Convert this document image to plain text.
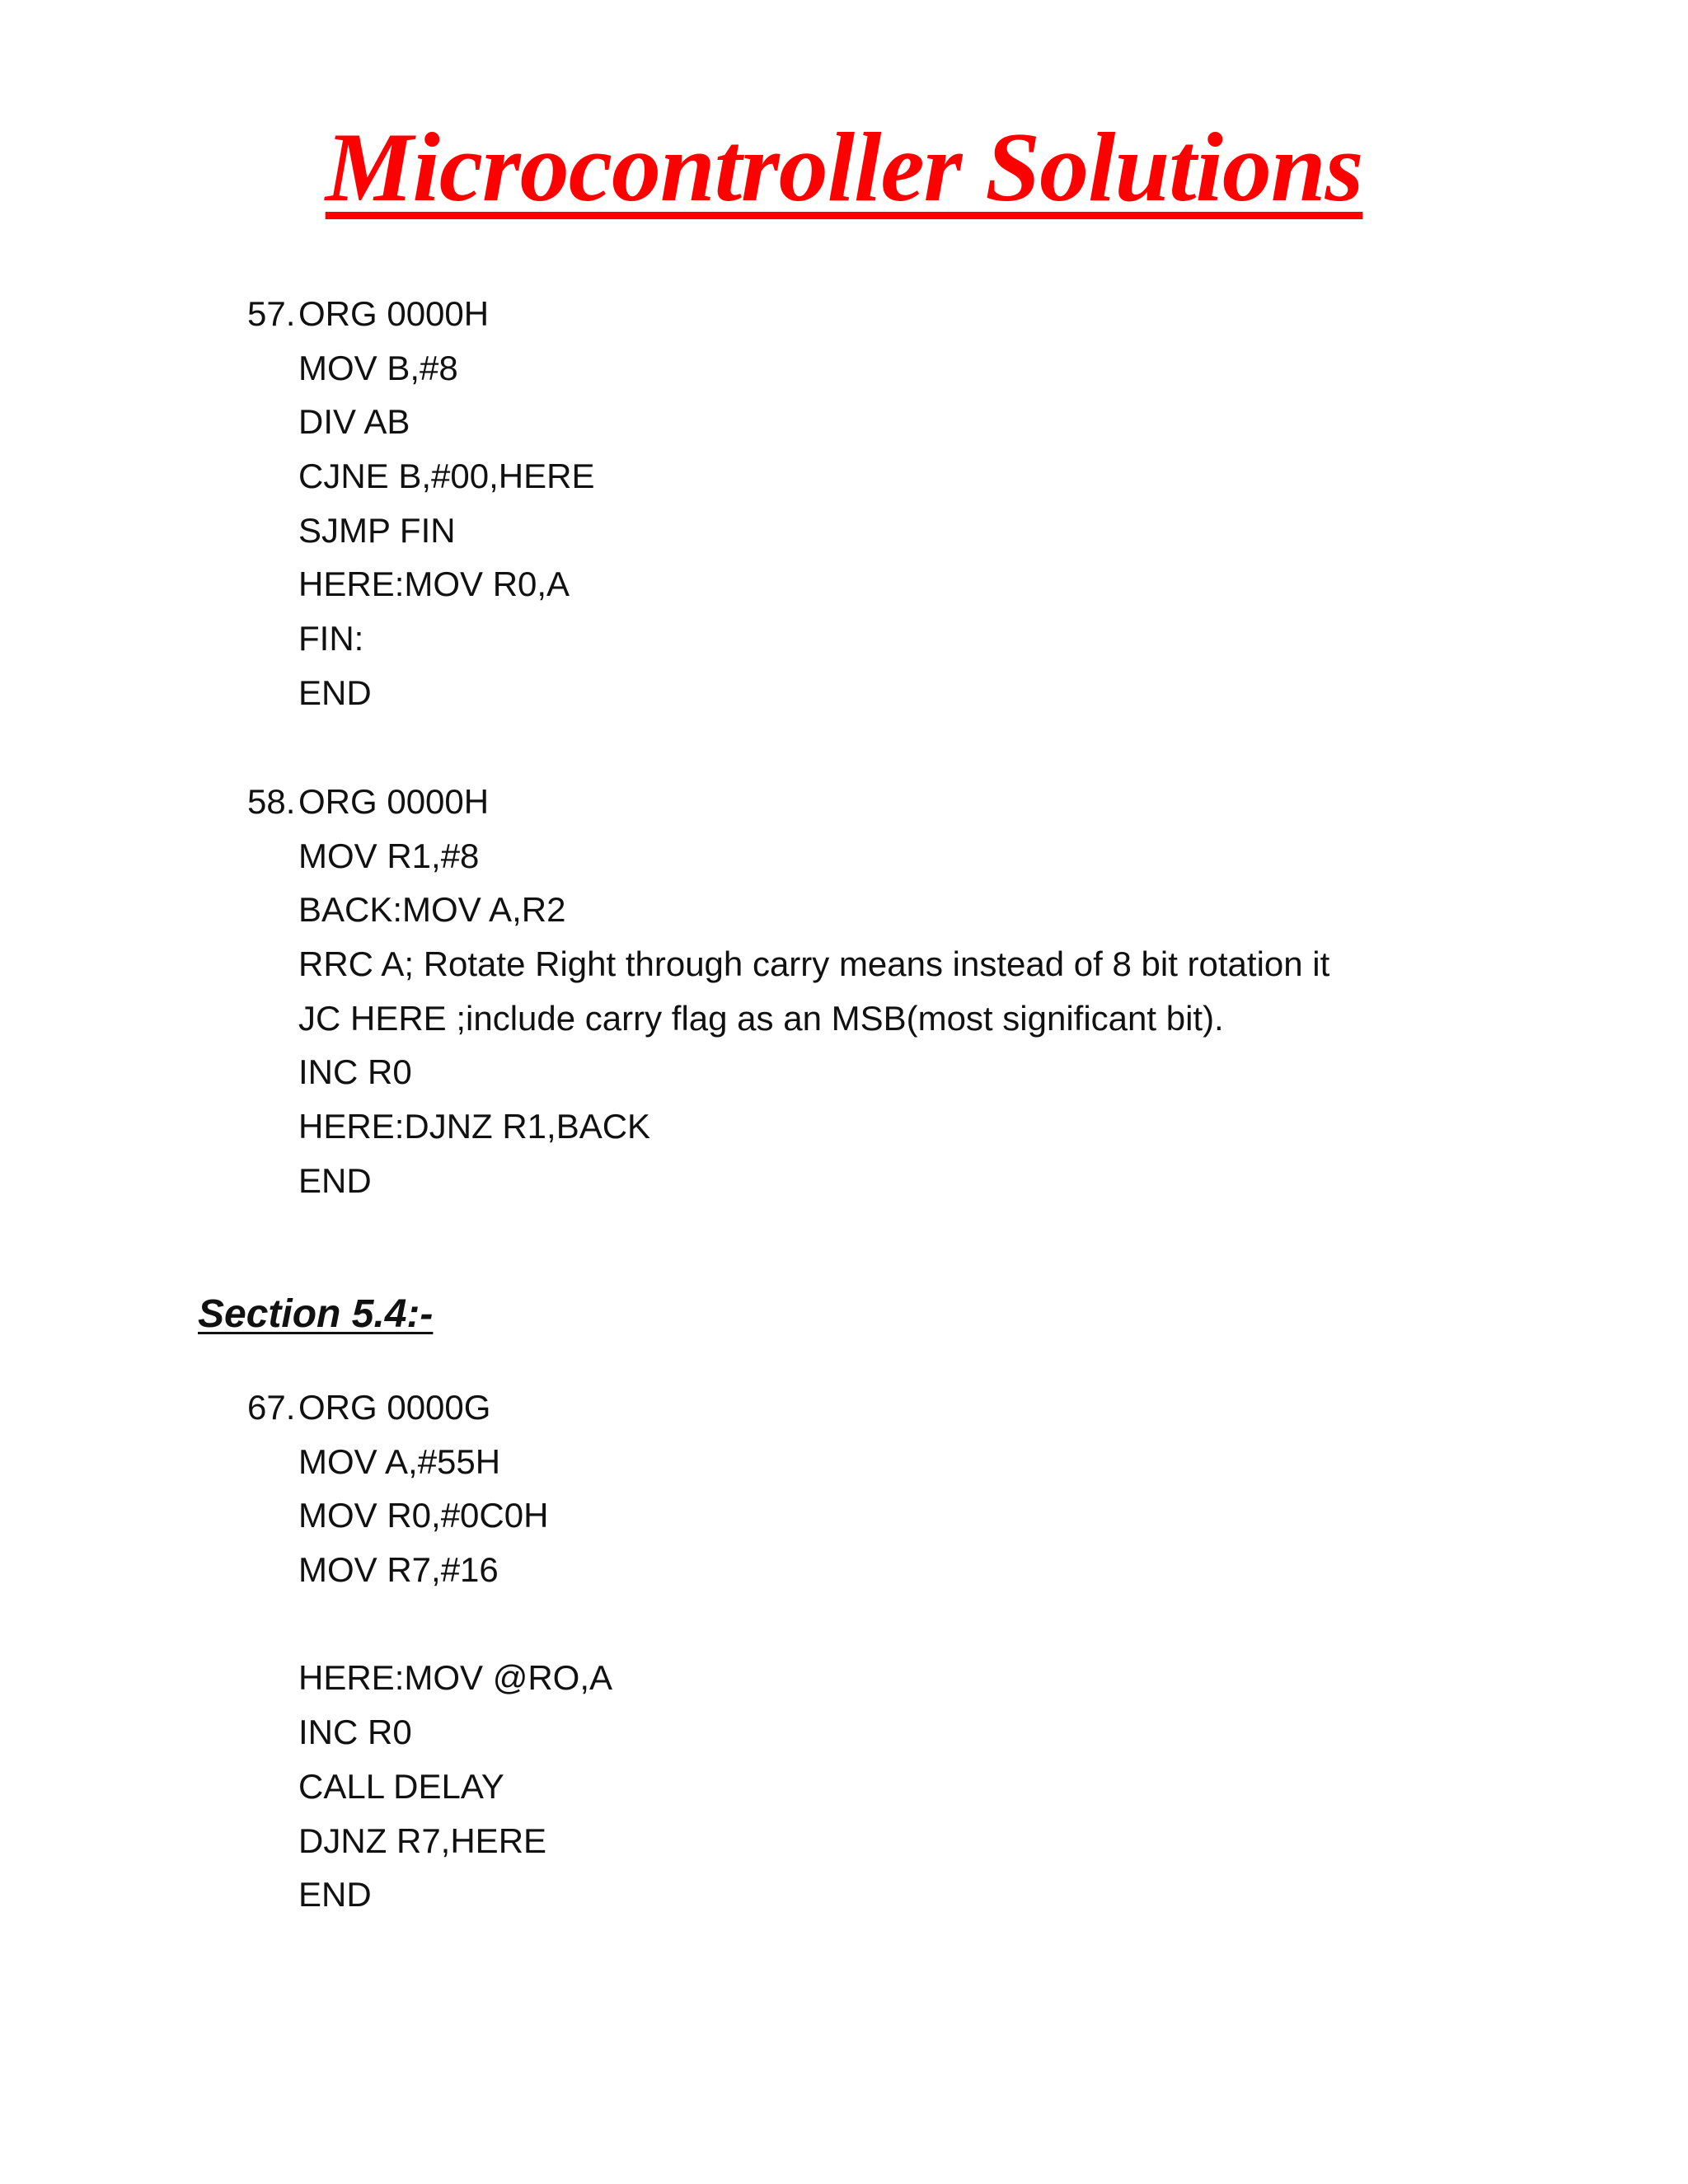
Microcontroller Solutions
57.ORG 0000H
MOV B,#8
DIV AB
CJNE B,#00,HERE
SJMP FIN
HERE:MOV R0,A
FIN:
END
58.ORG 0000H
MOV R1,#8
BACK:MOV A,R2
RRC A; Rotate Right through carry means instead of 8 bit rotation it
JC HERE ;include carry flag as an MSB(most significant bit).
INC R0
HERE:DJNZ R1,BACK
END
Section 5.4:-
67.ORG 0000G
MOV A,#55H
MOV R0,#0C0H
MOV R7,#16
HERE:MOV @RO,A
INC R0
CALL DELAY
DJNZ R7,HERE
END
